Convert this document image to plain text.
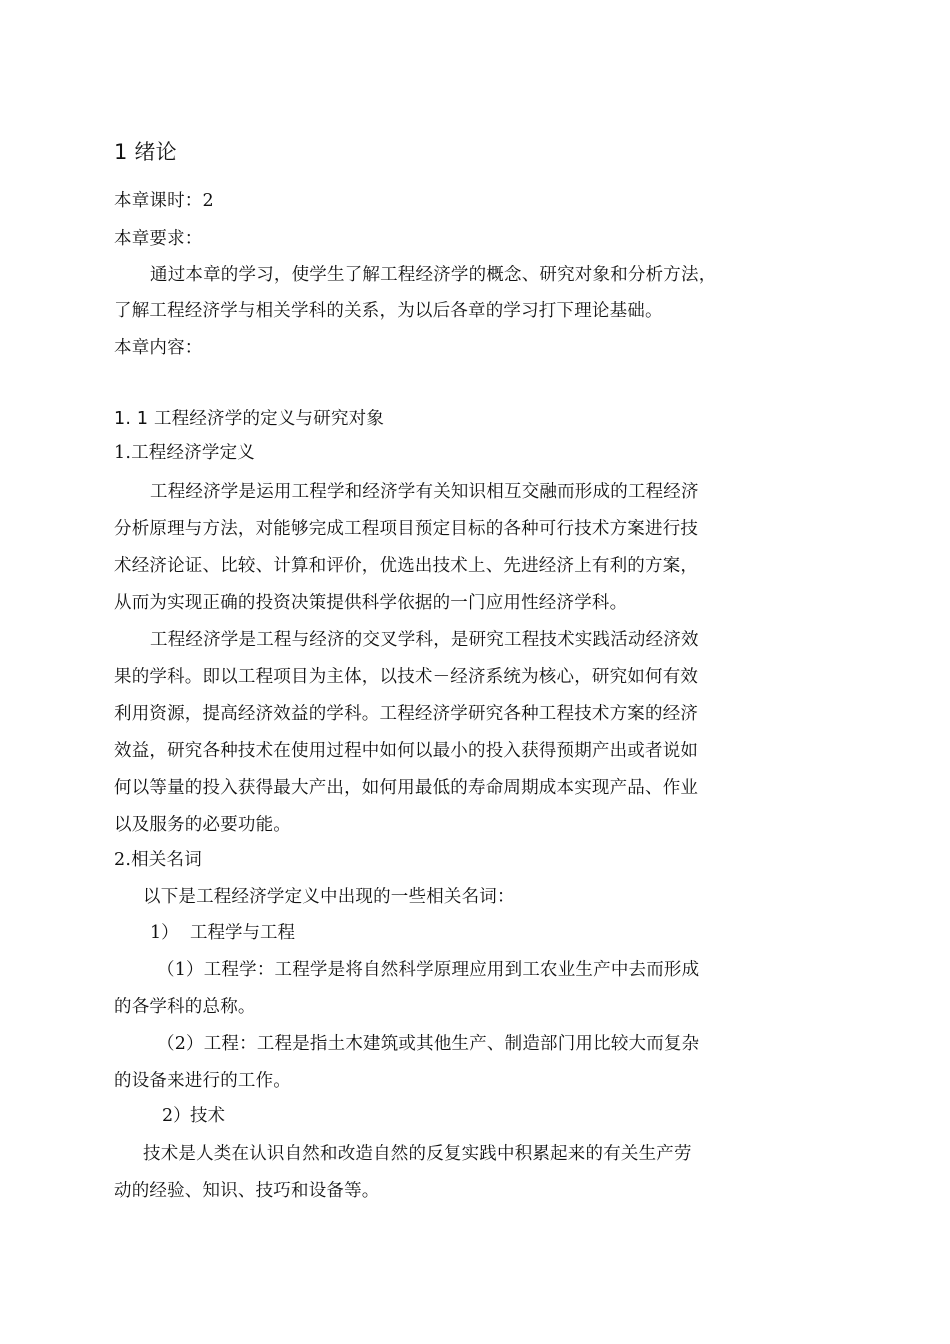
1 绪论
本章课时：2
本章要求：
通过本章的学习，使学生了解工程经济学的概念、研究对象和分析方法，
了解工程经济学与相关学科的关系，为以后各章的学习打下理论基础。
本章内容：
1. 1 工程经济学的定义与研究对象
1.工程经济学定义
工程经济学是运用工程学和经济学有关知识相互交融而形成的工程经济
分析原理与方法，对能够完成工程项目预定目标的各种可行技术方案进行技
术经济论证、比较、计算和评价，优选出技术上、先进经济上有利的方案，
从而为实现正确的投资决策提供科学依据的一门应用性经济学科。
工程经济学是工程与经济的交叉学科，是研究工程技术实践活动经济效
果的学科。即以工程项目为主体，以技术－经济系统为核心，研究如何有效
利用资源，提高经济效益的学科。工程经济学研究各种工程技术方案的经济
效益，研究各种技术在使用过程中如何以最小的投入获得预期产出或者说如
何以等量的投入获得最大产出，如何用最低的寿命周期成本实现产品、作业
以及服务的必要功能。
2.相关名词
以下是工程经济学定义中出现的一些相关名词：
1） 工程学与工程
（1）工程学：工程学是将自然科学原理应用到工农业生产中去而形成
的各学科的总称。
（2）工程：工程是指土木建筑或其他生产、制造部门用比较大而复杂
的设备来进行的工作。
2） 技术
技术是人类在认识自然和改造自然的反复实践中积累起来的有关生产劳
动的经验、知识、技巧和设备等。
